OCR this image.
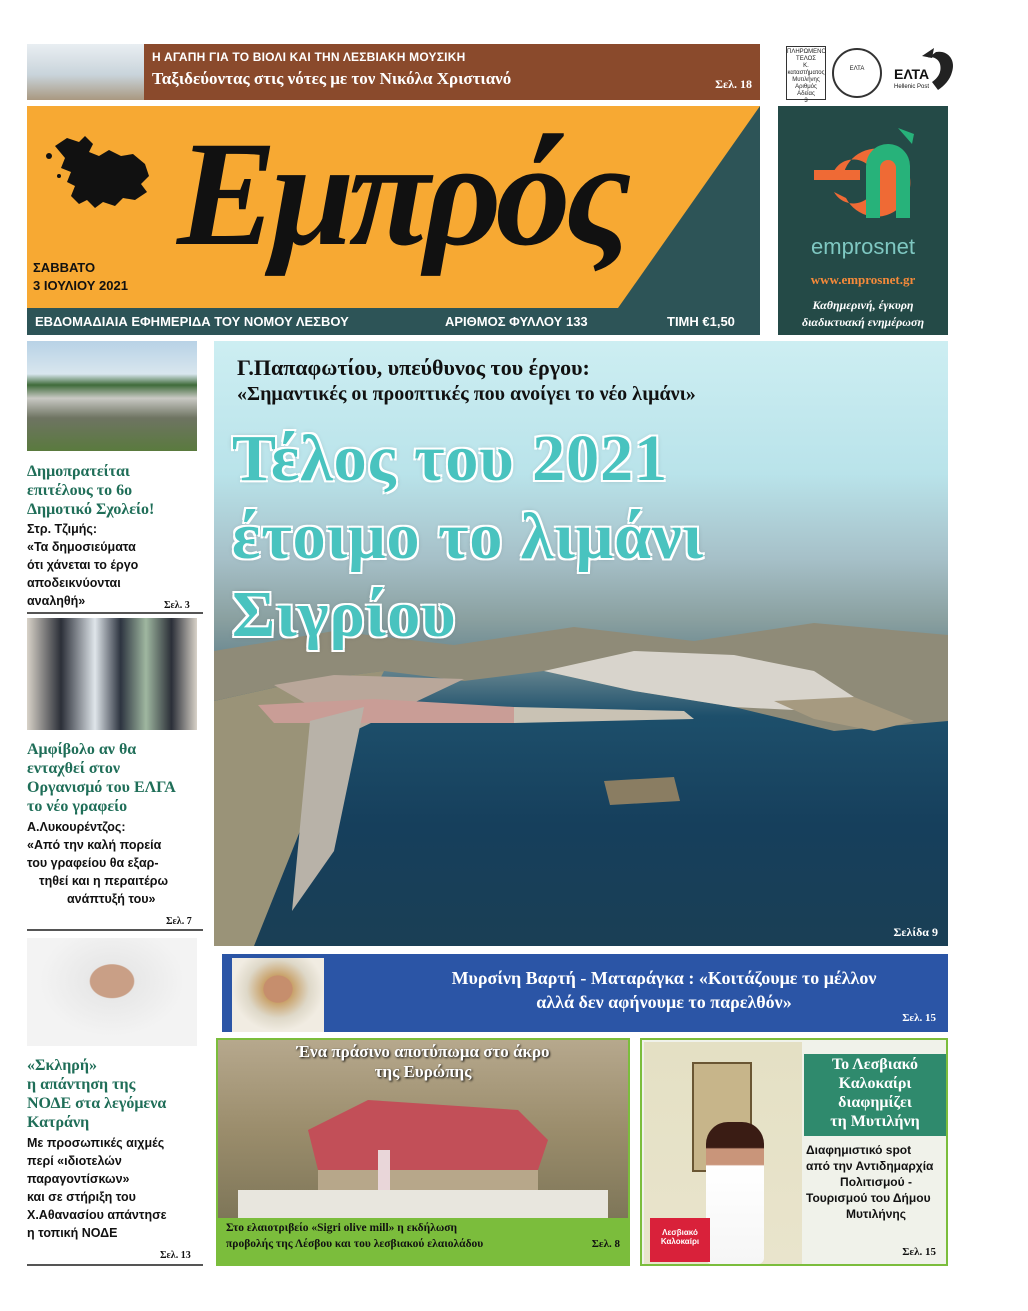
Η ΑΓΑΠΗ ΓΙΑ ΤΟ ΒΙΟΛΙ ΚΑΙ ΤΗΝ ΛΕΣΒΙΑΚΗ ΜΟΥΣΙΚΗ
Ταξιδεύοντας στις νότες με τον Νικόλα Χριστιανό	Σελ. 18
ΠΛΗΡΩΜΕΝΟ
ΤΕΛΟΣ
Κ. καταστήματος
Μυτιλήνης
Αριθμός Αδείας
3
ΕΛΤΑ	ΕΛΤΑ
Hellenic Post
Εμπρός
ΣΑΒΒΑΤΟ
3 ΙΟΥΛΙΟΥ 2021
ΕΒΔΟΜΑΔΙΑΙΑ ΕΦΗΜΕΡΙΔΑ ΤΟΥ ΝΟΜΟΥ ΛΕΣΒΟΥ	ΑΡΙΘΜΟΣ ΦΥΛΛΟΥ 133	ΤΙΜΗ €1,50
emprosnet
www.emprosnet.gr
Καθημερινή, έγκυρη
διαδικτυακή ενημέρωση
Δημοπρατείται
επιτέλους το 6ο
Δημοτικό Σχολείο!
Στρ. Τζιμής:
«Τα δημοσιεύματα
ότι χάνεται το έργο
αποδεικνύονται
αναληθή»	Σελ. 3
Αμφίβολο αν θα
ενταχθεί στον
Οργανισμό του ΕΛΓΑ
το νέο γραφείο
Α.Λυκουρέντζος:
«Από την καλή πορεία
του γραφείου θα εξαρ-
τηθεί και η περαιτέρω
ανάπτυξή του»
Σελ. 7
«Σκληρή»
η απάντηση της
ΝΟΔΕ στα λεγόμενα
Κατράνη
Με προσωπικές αιχμές
περί «ιδιοτελών
παραγοντίσκων»
και σε στήριξη του
Χ.Αθανασίου απάντησε
η τοπική ΝΟΔΕ
Σελ. 13
Γ.Παπαφωτίου, υπεύθυνος του έργου:
«Σημαντικές οι προοπτικές που ανοίγει το νέο λιμάνι»
Τέλος του 2021
έτοιμο το λιμάνι
Σιγρίου
Σελίδα 9
Μυρσίνη Βαρτή - Ματαράγκα : «Κοιτάζουμε το μέλλον
αλλά δεν αφήνουμε το παρελθόν»
Σελ. 15
Ένα πράσινο αποτύπωμα στο άκρο
της Ευρώπης
Στο ελαιοτριβείο «Sigri olive mill» η εκδήλωση
προβολής της Λέσβου και του λεσβιακού ελαιολάδου	Σελ. 8
Λεσβιακό Καλοκαίρι
Το Λεσβιακό
Καλοκαίρι
διαφημίζει
τη Μυτιλήνη
Διαφημιστικό spot
από την Αντιδημαρχία
Πολιτισμού -
Τουρισμού του Δήμου
Μυτιλήνης
Σελ. 15
